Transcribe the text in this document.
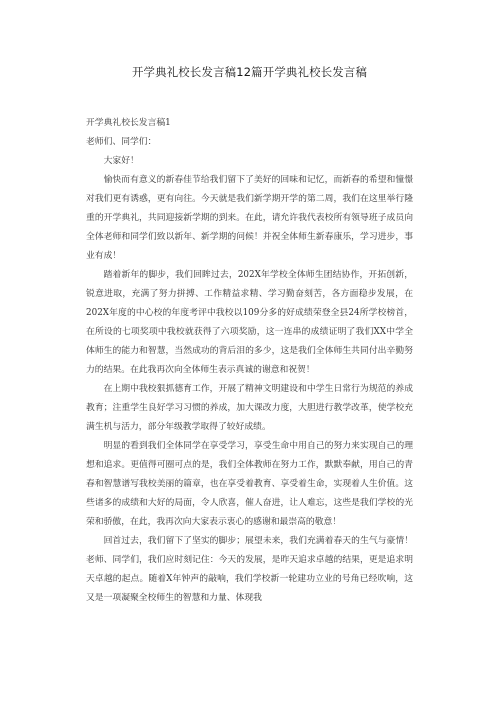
开学典礼校长发言稿12篇开学典礼校长发言稿

开学典礼校长发言稿1

老师们、同学们：

大家好！

愉快而有意义的新春佳节给我们留下了美好的回味和记忆，而新春的希望和憧憬对我们更有诱惑，更有向往。今天就是我们新学期开学的第二周，我们在这里举行隆重的开学典礼，共同迎接新学期的到来。在此，请允许我代表校所有领导班子成员向全体老师和同学们致以新年、新学期的问候！并祝全体师生新春康乐，学习进步，事业有成！

踏着新年的脚步，我们回眸过去，202X年学校全体师生团结协作，开拓创新，锐意进取，充满了努力拼搏、工作精益求精、学习勤奋刻苦，各方面稳步发展，在202X年度的中心校的年度考评中我校以109分多的好成绩荣登全县24所学校榜首，在所设的七项奖项中我校就获得了六项奖励，这一连串的成绩证明了我们XX中学全体师生的能力和智慧，当然成功的背后泪的多少，这是我们全体师生共同付出辛勤努力的结果。在此我再次向全体师生表示真诚的谢意和祝贺！

在上期中我校狠抓德育工作，开展了精神文明建设和中学生日常行为规范的养成教育；注重学生良好学习习惯的养成，加大课改力度，大胆进行教学改革，使学校充满生机与活力，部分年级教学取得了较好成绩。

明显的看到我们全体同学在享受学习，享受生命中用自己的努力来实现自己的理想和追求。更值得可圈可点的是，我们全体教师在努力工作，默默奉献，用自己的青春和智慧谱写我校美丽的篇章，也在享受着教育、享受着生命，实现着人生价值。这些诸多的成绩和大好的局面，令人欣喜，催人奋进，让人难忘，这些是我们学校的光荣和骄傲，在此，我再次向大家表示衷心的感谢和最崇高的敬意！

回首过去，我们留下了坚实的脚步；展望未来，我们充满着春天的生气与豪情！老师、同学们，我们应时刻记住：今天的发展，是昨天追求卓越的结果，更是追求明天卓越的起点。随着X年钟声的敲响，我们学校新一轮建功立业的号角已经吹响，这又是一项凝聚全校师生的智慧和力量、体现我
